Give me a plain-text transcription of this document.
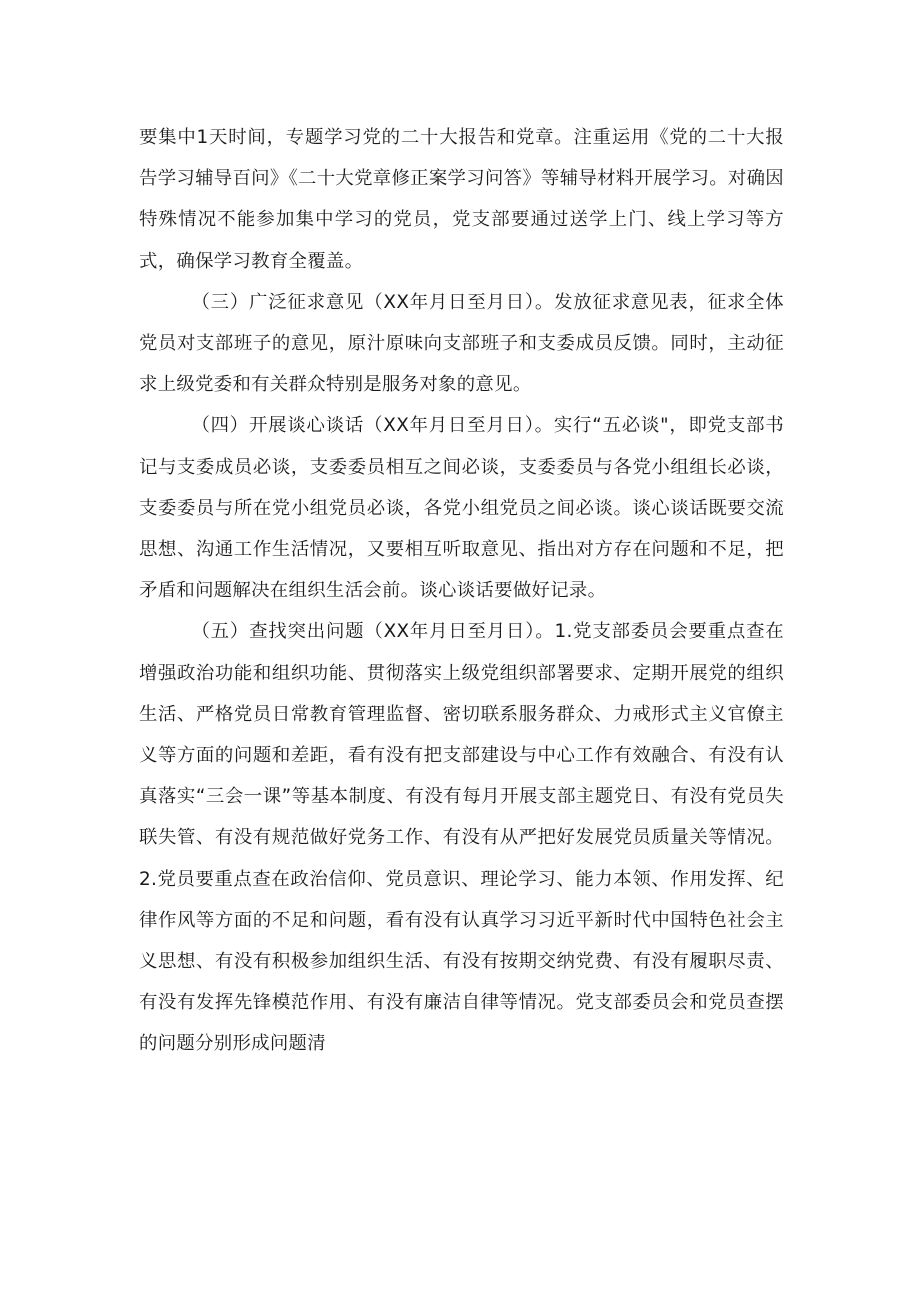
要集中1天时间，专题学习党的二十大报告和党章。注重运用《党的二十大报告学习辅导百问》《二十大党章修正案学习问答》等辅导材料开展学习。对确因特殊情况不能参加集中学习的党员，党支部要通过送学上门、线上学习等方式，确保学习教育全覆盖。

（三）广泛征求意见（XX年月日至月日）。发放征求意见表，征求全体党员对支部班子的意见，原汁原味向支部班子和支委成员反馈。同时，主动征求上级党委和有关群众特别是服务对象的意见。

（四）开展谈心谈话（XX年月日至月日）。实行“五必谈"，即党支部书记与支委成员必谈，支委委员相互之间必谈，支委委员与各党小组组长必谈，支委委员与所在党小组党员必谈，各党小组党员之间必谈。谈心谈话既要交流思想、沟通工作生活情况，又要相互听取意见、指出对方存在问题和不足，把矛盾和问题解决在组织生活会前。谈心谈话要做好记录。

（五）查找突出问题（XX年月日至月日）。1.党支部委员会要重点查在增强政治功能和组织功能、贯彻落实上级党组织部署要求、定期开展党的组织生活、严格党员日常教育管理监督、密切联系服务群众、力戒形式主义官僚主义等方面的问题和差距，看有没有把支部建设与中心工作有效融合、有没有认真落实“三会一课”等基本制度、有没有每月开展支部主题党日、有没有党员失联失管、有没有规范做好党务工作、有没有从严把好发展党员质量关等情况。2.党员要重点查在政治信仰、党员意识、理论学习、能力本领、作用发挥、纪律作风等方面的不足和问题，看有没有认真学习习近平新时代中国特色社会主义思想、有没有积极参加组织生活、有没有按期交纳党费、有没有履职尽责、有没有发挥先锋模范作用、有没有廉洁自律等情况。党支部委员会和党员查摆的问题分别形成问题清
